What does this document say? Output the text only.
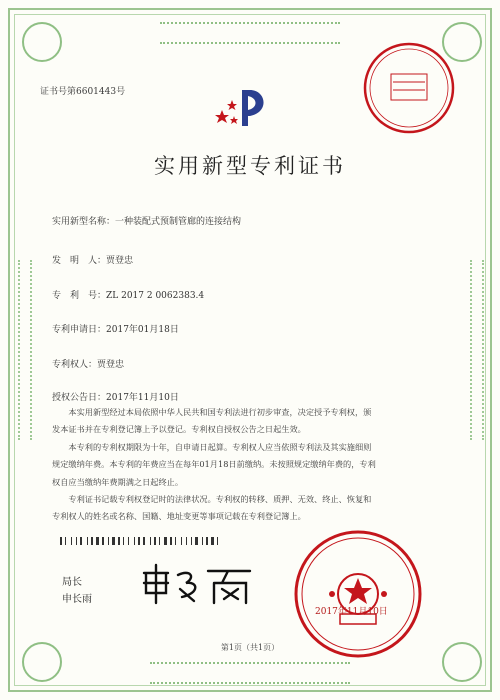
证书号第6601443号
实用新型专利证书
实用新型名称：一种装配式预制管廊的连接结构
发　明　人：贾登忠
专　利　号：ZL 2017 2 0062383.4
专利申请日：2017年01月18日
专利权人：贾登忠
授权公告日：2017年11月10日

　　本实用新型经过本局依照中华人民共和国专利法进行初步审查，决定授予专利权，颁

发本证书并在专利登记簿上予以登记。专利权自授权公告之日起生效。

　　本专利的专利权期限为十年，自申请日起算。专利权人应当依照专利法及其实施细则

规定缴纳年费。本专利的年费应当在每年01月18日前缴纳。未按照规定缴纳年费的，专利

权自应当缴纳年费期满之日起终止。

　　专利证书记载专利权登记时的法律状况。专利权的转移、质押、无效、终止、恢复和

专利权人的姓名或名称、国籍、地址变更等事项记载在专利登记簿上。

局长
申长雨
2017年11月10日
第1页（共1页）
